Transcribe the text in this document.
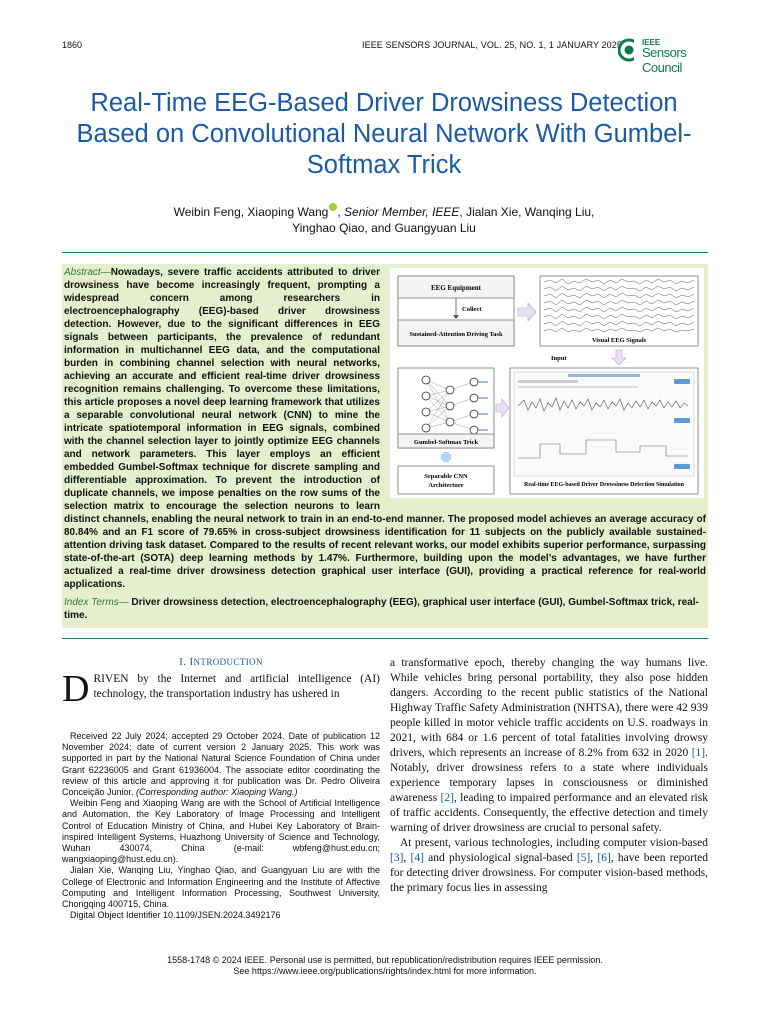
1860	IEEE SENSORS JOURNAL, VOL. 25, NO. 1, 1 JANUARY 2025	IEEE
Sensors Council
Real-Time EEG-Based Driver Drowsiness Detection Based on Convolutional Neural Network With Gumbel-Softmax Trick
Weibin Feng, Xiaoping Wang , Senior Member, IEEE, Jialan Xie, Wanqing Liu,
Yinghao Qiao, and Guangyuan Liu
EEG Equipment
Collect
Sustained-Attention Driving Task
Visual EEG Signals
Input
Gumbel-Softmax Trick
Separable CNN
Architecture	Real-time EEG-based Driver Drowsiness Detection Simulation
Abstract—Nowadays, severe traffic accidents attributed to driver drowsiness have become increasingly frequent, prompting a widespread concern among researchers in electroencephalography (EEG)-based driver drowsiness detection. However, due to the significant differences in EEG signals between participants, the prevalence of redundant information in multichannel EEG data, and the computational burden in combining channel selection with neural networks, achieving an accurate and efficient real-time driver drowsiness recognition remains challenging. To overcome these limitations, this article proposes a novel deep learning framework that utilizes a separable convolutional neural network (CNN) to mine the intricate spatiotemporal information in EEG signals, combined with the channel selection layer to jointly optimize EEG channels and network parameters. This layer employs an efficient embedded Gumbel-Softmax technique for discrete sampling and differentiable approximation. To prevent the introduction of duplicate channels, we impose penalties on the row sums of the selection matrix to encourage the selection neurons to learn distinct channels, enabling the neural network to train in an end-to-end manner. The proposed model achieves an average accuracy of 80.84% and an F1 score of 79.65% in cross-subject drowsiness identification for 11 subjects on the publicly available sustained-attention driving task dataset. Compared to the results of recent relevant works, our model exhibits superior performance, surpassing state-of-the-art (SOTA) deep learning methods by 1.47%. Furthermore, building upon the model’s advantages, we have further actualized a real-time driver drowsiness detection graphical user interface (GUI), providing a practical reference for real-world applications.
Index Terms— Driver drowsiness detection, electroencephalography (EEG), graphical user interface (GUI), Gumbel-Softmax trick, real-time.
I. INTRODUCTION
DRIVEN by the Internet and artificial intelligence (AI) technology, the transportation industry has ushered in

Received 22 July 2024; accepted 29 October 2024. Date of publication 12 November 2024; date of current version 2 January 2025. This work was supported in part by the National Natural Science Foundation of China under Grant 62236005 and Grant 61936004. The associate editor coordinating the review of this article and approving it for publication was Dr. Pedro Oliveira Conceição Junior. (Corresponding author: Xiaoping Wang.)

Weibin Feng and Xiaoping Wang are with the School of Artificial Intelligence and Automation, the Key Laboratory of Image Processing and Intelligent Control of Education Ministry of China, and Hubei Key Laboratory of Brain-inspired Intelligent Systems, Huazhong University of Science and Technology, Wuhan 430074, China (e-mail: wbfeng@hust.edu.cn; wangxiaoping@hust.edu.cn).

Jialan Xie, Wanqing Liu, Yinghao Qiao, and Guangyuan Liu are with the College of Electronic and Information Engineering and the Institute of Affective Computing and Intelligent Information Processing, Southwest University, Chongqing 400715, China.

Digital Object Identifier 10.1109/JSEN.2024.3492176

a transformative epoch, thereby changing the way humans live. While vehicles bring personal portability, they also pose hidden dangers. According to the recent public statistics of the National Highway Traffic Safety Administration (NHTSA), there were 42 939 people killed in motor vehicle traffic accidents on U.S. roadways in 2021, with 684 or 1.6 percent of total fatalities involving drowsy drivers, which represents an increase of 8.2% from 632 in 2020 [1]. Notably, driver drowsiness refers to a state where individuals experience temporary lapses in consciousness or diminished awareness [2], leading to impaired performance and an elevated risk of traffic accidents. Consequently, the effective detection and timely warning of driver drowsiness are crucial to personal safety.

At present, various technologies, including computer vision-based [3], [4] and physiological signal-based [5], [6], have been reported for detecting driver drowsiness. For computer vision-based methods, the primary focus lies in assessing

1558-1748 © 2024 IEEE. Personal use is permitted, but republication/redistribution requires IEEE permission.
See https://www.ieee.org/publications/rights/index.html for more information.
